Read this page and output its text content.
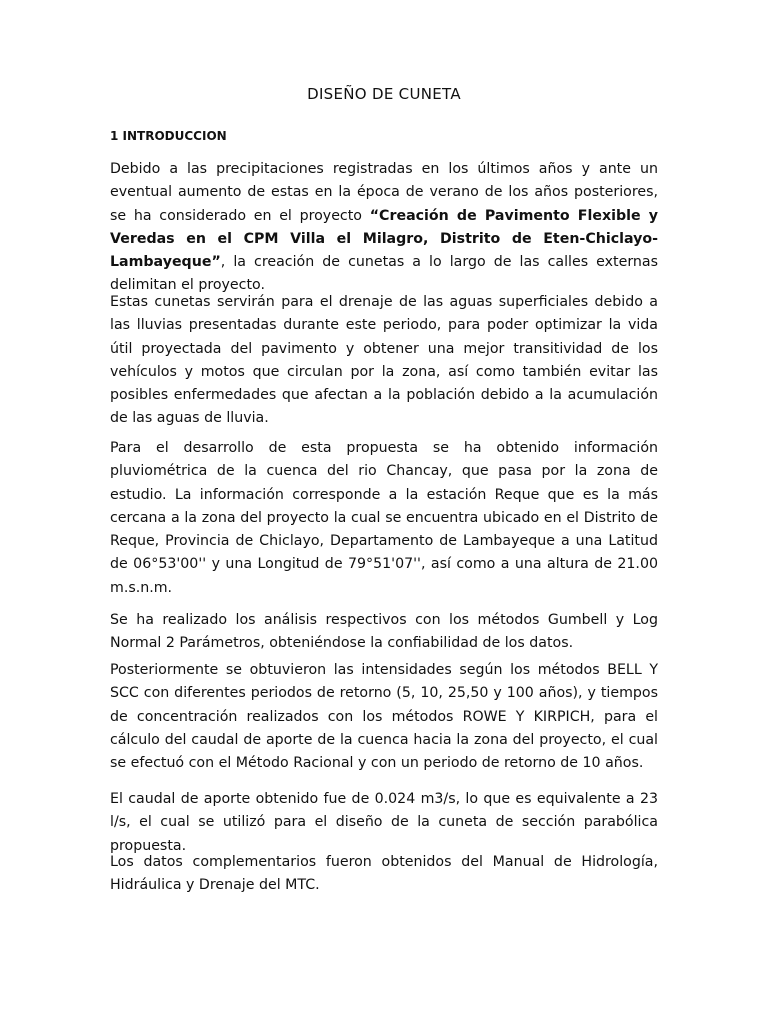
DISEÑO DE CUNETA
1 INTRODUCCION

Debido a las precipitaciones registradas en los últimos años y ante un eventual aumento de estas en la época de verano de los años posteriores, se ha considerado en el proyecto “Creación de Pavimento Flexible y Veredas en el CPM Villa el Milagro, Distrito de Eten-Chiclayo-Lambayeque”, la creación de cunetas a lo largo de las calles externas delimitan el proyecto.

Estas cunetas servirán para el drenaje de las aguas superficiales debido a las lluvias presentadas durante este periodo, para poder optimizar la vida útil proyectada del pavimento y obtener una mejor transitividad de los vehículos y motos que circulan por la zona, así como también evitar las posibles enfermedades que afectan a la población debido a la acumulación de las aguas de lluvia.

Para el desarrollo de esta propuesta se ha obtenido información pluviométrica de la cuenca del rio Chancay, que pasa por la zona de estudio. La información corresponde a la estación Reque que es la más cercana a la zona del proyecto la cual se encuentra ubicado en el Distrito de Reque, Provincia de Chiclayo, Departamento de Lambayeque a una Latitud de 06°53'00'' y una Longitud de 79°51'07'', así como a una altura de 21.00 m.s.n.m.

Se ha realizado los análisis respectivos con los métodos Gumbell y Log Normal 2 Parámetros, obteniéndose la confiabilidad de los datos.

Posteriormente se obtuvieron las intensidades según los métodos BELL Y SCC con diferentes periodos de retorno (5, 10, 25,50 y 100 años), y tiempos de concentración realizados con los métodos ROWE Y KIRPICH, para el cálculo del caudal de aporte de la cuenca hacia la zona del proyecto, el cual se efectuó con el Método Racional y con un periodo de retorno de 10 años.

El caudal de aporte obtenido fue de 0.024 m3/s, lo que es equivalente a 23 l/s, el cual se utilizó para el diseño de la cuneta de sección parabólica propuesta.

Los datos complementarios fueron obtenidos del Manual de Hidrología, Hidráulica y Drenaje del MTC.
